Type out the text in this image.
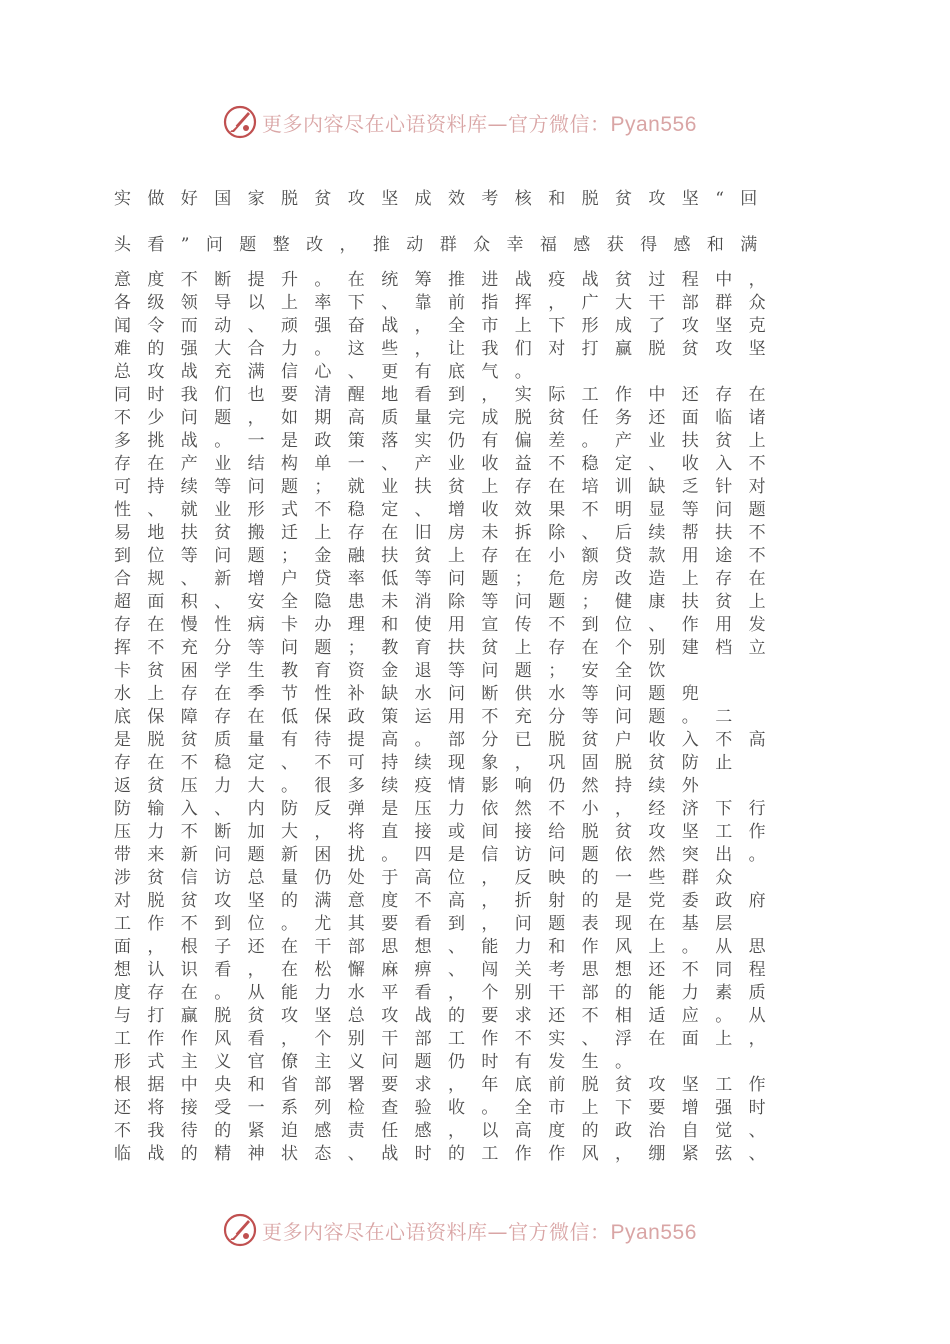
更多内容尽在心语资料库—官方微信：Pyan556
实做好国家脱贫攻坚成效考核和脱贫攻坚“回
头看”问题整改，推动群众幸福感获得感和满
意度不断提升。在统筹推进战疫战贫过程中，
各级领导以上率下、靠前指挥，广大干部群众
闻令而动、顽强奋战，全市上下形成了攻坚克
难的强大合力。这些，让我们对打赢脱贫攻坚
总攻战充满信心、更有底气。
同时我们也要清醒地看到，实际工作中还存在
不少问题，如期高质量完成脱贫任务还面临诸
多挑战。一是政策落实仍有偏差。产业扶贫上
存在产业结构单一、产业收益不稳定、收入不
可持续等问题；就业扶贫上存在培训缺乏针对
性、就业形式不稳定、增收效果不明显等问题
易地扶贫搬迁上存在旧房未拆除、后续帮扶不
到位等问题；金融扶贫上存在小额贷款用途不
合规、新增户贷率低等问题；危房改造上存在
超面积、安全隐患未消除等问题；健康扶贫上
存在慢性病卡办理和使用宣传不到位、作用发
挥不充分等问题；教育扶贫上存在个别建档立
卡贫困学生教育资金退等问题；安全饮
水上存在季节性补缺水问断供水等问题兜
底保障存在低保政策运用不充分等问题。二
是脱贫质量有待提高。部分已脱贫户收入不高
存在不稳定、不可持续现象，巩固脱贫防止
返贫压力大。很多续疫情影响仍然持续外
防输入、内防反弹是压力依然不小，经济下行
压力不断加大，将直接或间接给脱贫攻坚工作
带来新问题新困扰。四是信访问题依然突出。
涉贫信访总量仍处于高位，反映的一些群众
对脱贫攻坚的满意度不高，折射的是党委政府
工作不到位。尤其要看到，问题表现在基层
面，根子还在干部思想、能力和作风上。从思
想认识看，在松懈麻痹、闯关考思想还不同程
度存在。从能力水平看，个别干部的能力素质
与打赢脱贫攻坚总攻战的要求还不相适应。从
工作作风看，个别干部工作不实、浮在面上，
形式主义官僚主义问题仍时有发生。
根据中央和省部署要求，年底前脱贫攻坚工作
还将接受一系列检查验收。全市上下要增强时
不我待的紧迫感责任感，以高度的政治自觉、
临战的精神状态、战时的工作作风，绷紧弦、
更多内容尽在心语资料库—官方微信：Pyan556
